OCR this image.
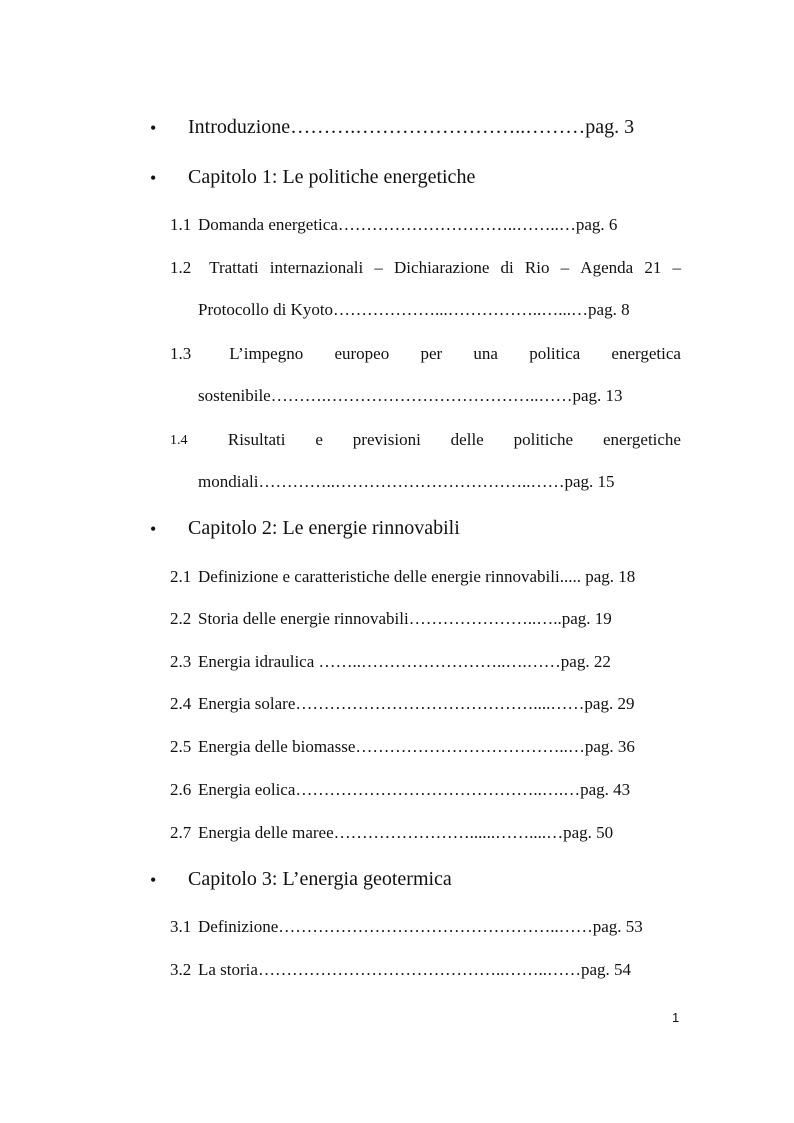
• Introduzione……….……………………..………pag. 3
• Capitolo 1: Le politiche energetiche
1.1 Domanda energetica…………………………..……..…pag. 6
1.2	Trattati internazionali – Dichiarazione di Rio – Agenda 21 –
Protocollo di Kyoto………………...……………..…...…pag. 8
1.3	L’impegno europeo per una politica energetica
sostenibile……….………………………………..……pag. 13
1.4	Risultati e previsioni delle politiche energetiche
mondiali…………..……………………………..……pag. 15
• Capitolo 2: Le energie rinnovabili
2.1 Definizione e caratteristiche delle energie rinnovabili..... pag. 18
2.2 Storia delle energie rinnovabili…………………..…..pag. 19
2.3 Energia idraulica ……..……………………..….……pag. 22
2.4 Energia solare……………………………………....……pag. 29
2.5 Energia delle biomasse………………………………..…pag. 36
2.6 Energia eolica……………………………………..….…pag. 43
2.7 Energia delle maree……………………......……....…pag. 50
• Capitolo 3: L’energia geotermica
3.1 Definizione…………………………………………..……pag. 53
3.2 La storia……………………………………..……..……pag. 54
1
